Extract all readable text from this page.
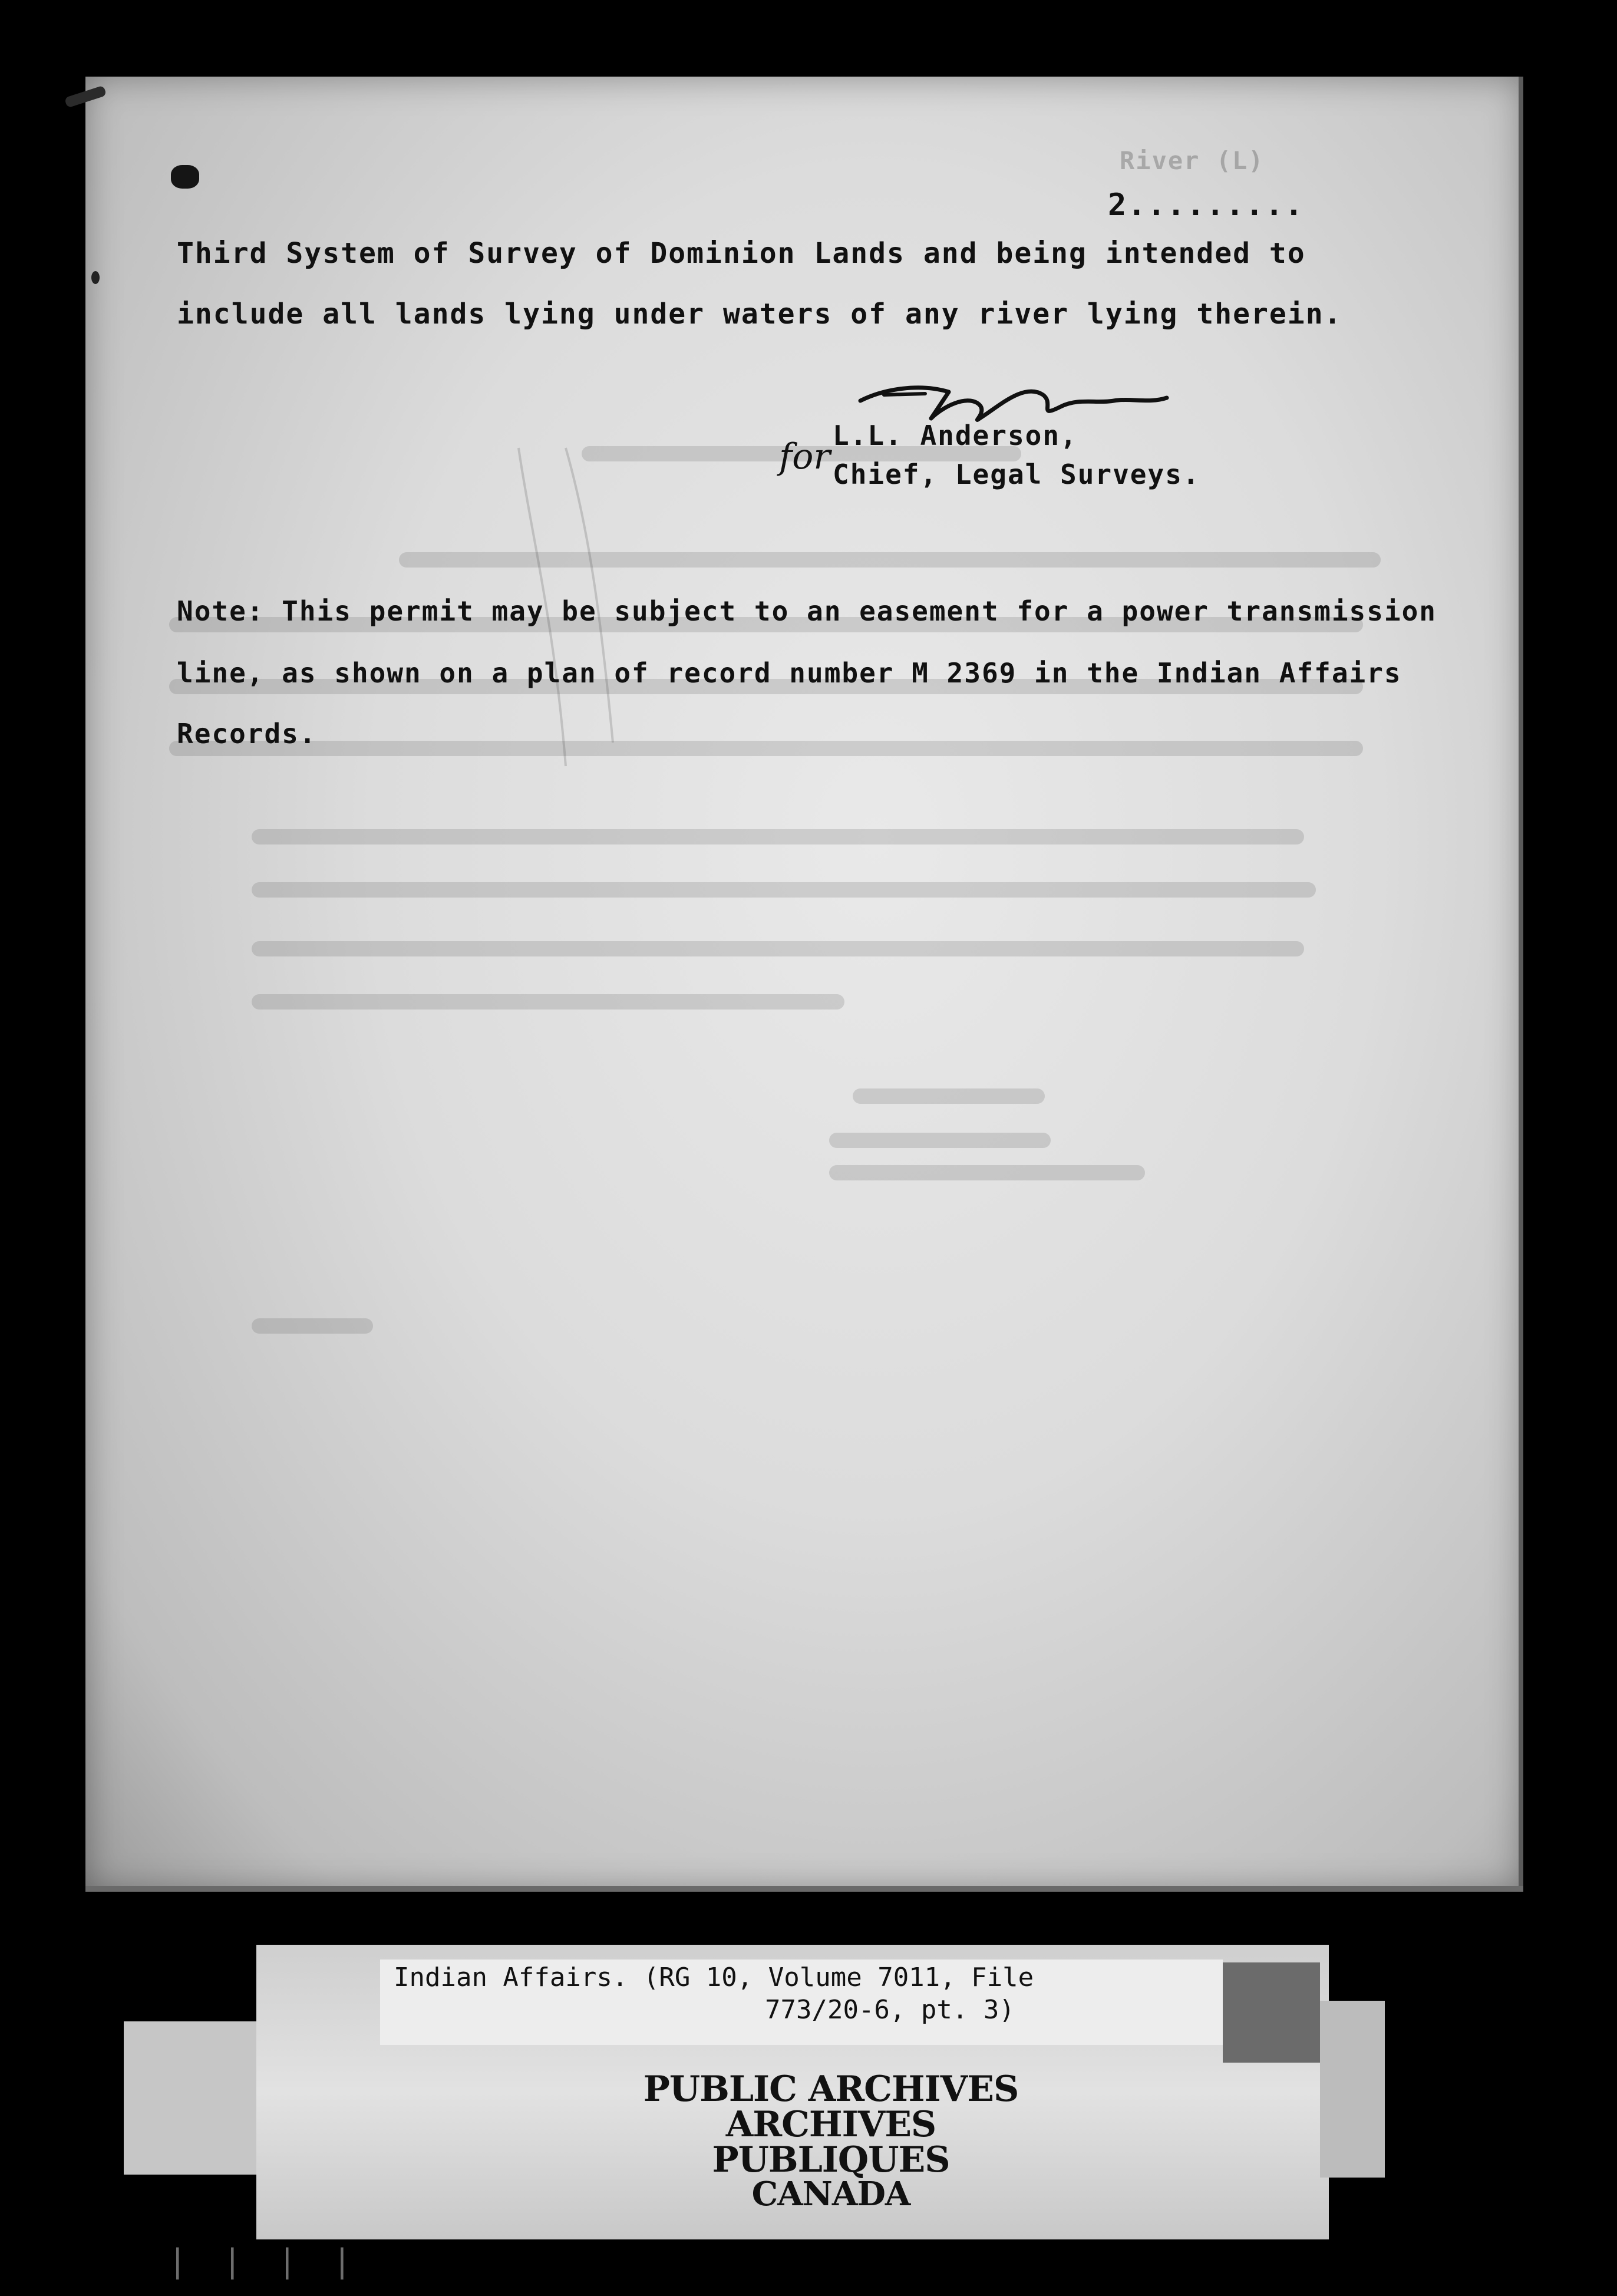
River (L)
2.........
Third System of Survey of Dominion Lands and being intended to
include all lands lying under waters of any river lying therein.
for
L.L. Anderson,
Chief, Legal Surveys.
Note: This permit may be subject to an easement for a power transmission
line, as shown on a plan of record number M 2369 in the Indian Affairs
Records.
Indian Affairs. (RG 10, Volume 7011, File
773/20-6, pt. 3)
PUBLIC ARCHIVES
ARCHIVES PUBLIQUES
CANADA
| | | |
